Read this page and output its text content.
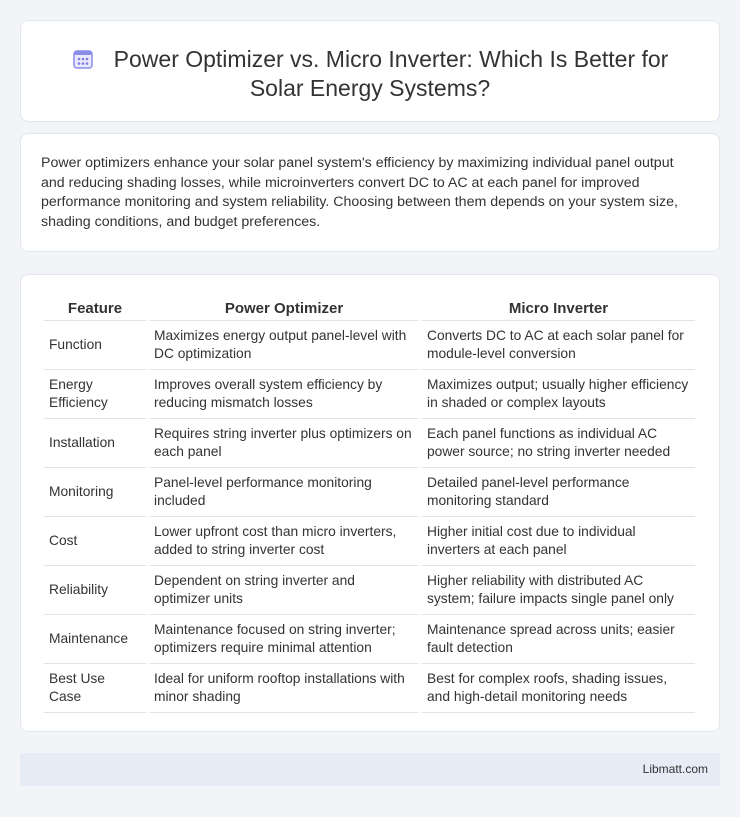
Power Optimizer vs. Micro Inverter: Which Is Better for Solar Energy Systems?

Power optimizers enhance your solar panel system's efficiency by maximizing individual panel output and reducing shading losses, while microinverters convert DC to AC at each panel for improved performance monitoring and system reliability. Choosing between them depends on your system size, shading conditions, and budget preferences.

Feature	Power Optimizer	Micro Inverter
Function	Maximizes energy output panel-level with DC optimization	Converts DC to AC at each solar panel for module-level conversion
Energy Efficiency	Improves overall system efficiency by reducing mismatch losses	Maximizes output; usually higher efficiency in shaded or complex layouts
Installation	Requires string inverter plus optimizers on each panel	Each panel functions as individual AC power source; no string inverter needed
Monitoring	Panel-level performance monitoring included	Detailed panel-level performance monitoring standard
Cost	Lower upfront cost than micro inverters, added to string inverter cost	Higher initial cost due to individual inverters at each panel
Reliability	Dependent on string inverter and optimizer units	Higher reliability with distributed AC system; failure impacts single panel only
Maintenance	Maintenance focused on string inverter; optimizers require minimal attention	Maintenance spread across units; easier fault detection
Best Use Case	Ideal for uniform rooftop installations with minor shading	Best for complex roofs, shading issues, and high-detail monitoring needs
Libmatt.com
